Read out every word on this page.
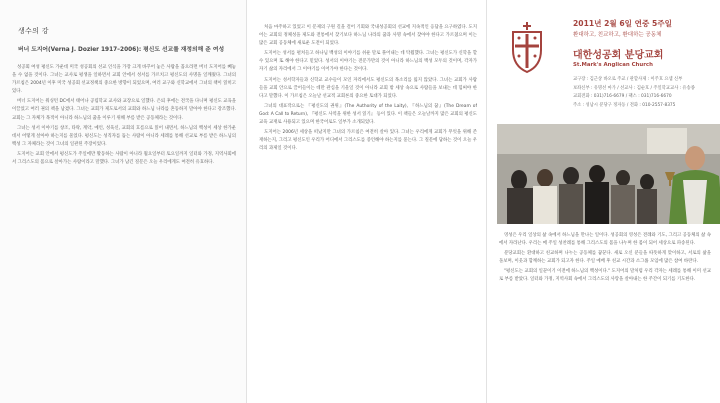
생수의 강
버너 도지어(Verna J. Dozier 1917–2006): 평신도 선교를 재정의해 준 여성

성공회 여성 평신도 가운데 미국 성공회의 선교 인식을 가장 크게 바꾸어 놓은 사람을 꼽으라면 버너 도지어를 빼놓을 수 없을 것이다. 그녀는 교사로 평생을 일하면서 교회 안에서 성서를 가르치고 평신도의 사명을 일깨웠다. 그녀의 가르침은 2004년 이후 미국 성공회 선교정책의 중요한 방향이 되었으며, 여러 교구와 신학교에서 그녀의 책이 읽히고 있다.

버너 도지어는 워싱턴 DC에서 태어나 공립학교 교사와 교장으로 일했다. 은퇴 후에는 전국을 다니며 평신도 교육을 이끌었고 여러 권의 책을 남겼다. 그녀는 교회가 제도로서의 교회와 하느님 나라를 혼동하지 말아야 한다고 강조했다. 교회는 그 자체가 목적이 아니라 하느님의 꿈을 이루기 위해 부름 받은 공동체라는 것이다.

그녀는 성서 이야기를 창조, 타락, 계약, 예언, 성육신, 교회의 흐름으로 읽어 내면서, 하느님의 백성이 세상 한가운데서 어떻게 살아야 하는지를 물었다. 평신도는 성직자를 돕는 사람이 아니라 세례를 통해 선교로 부름 받은 하느님의 백성 그 자체라는 것이 그녀의 일관된 주장이었다.

도지어는 교회 안에서 평신도가 주일에만 활동하는 사람이 아니라 월요일부터 토요일까지 일터와 가정, 지역사회에서 그리스도의 몸으로 살아가는 사람이라고 말했다. 그녀가 남긴 질문은 오늘 우리에게도 여전히 유효하다.

처음 마주하고 있었고 이 문제의 구원 길을 걸어 기회와 국내성공회의 선교에 지속적인 응답을 요구하였다. 도지어는 교회의 정체성을 제도와 전통에서 찾기보다 하느님 나라의 꿈과 사명 속에서 찾아야 한다고 가르쳤으며 이는 많은 교회 공동체에 새로운 도전이 되었다.

도지어는 성서를 펼쳐들고 하나님 백성의 이야기를 쉬운 말로 풀어내는 데 탁월했다. 그녀는 평신도가 신학을 할 수 있으며 또 해야 한다고 믿었다. 성서의 이야기는 전문가만의 것이 아니라 하느님의 백성 모두의 것이며, 각자가 자기 삶의 자리에서 그 이야기를 이어가야 한다는 것이다.

도지어는 성서학자들과 신학교 교수들이 모인 자리에서도 평신도의 목소리를 잃지 않았다. 그녀는 교회가 사람들을 교회 안으로 끌어들이는 데만 관심을 기울일 것이 아니라 교회 밖 세상 속으로 사람들을 보내는 데 힘써야 한다고 말했다. 이 가르침은 오늘날 선교적 교회론의 중요한 토대가 되었다.

그녀의 대표작으로는 『평신도의 권위』(The Authority of the Laity), 『하느님의 꿈』(The Dream of God: A Call to Return), 『평신도 사역을 위한 성서 읽기』 등이 있다. 이 책들은 오늘날까지 많은 교회의 평신도 교육 교재로 사용되고 있으며 한국어로도 일부가 소개되었다.

도지어는 2006년 세상을 떠났지만 그녀의 가르침은 여전히 살아 있다. 그녀는 우리에게 교회가 무엇을 위해 존재하는지, 그리고 평신도인 우리가 어디에서 그리스도를 증언해야 하는지를 묻는다. 그 질문에 답하는 것이 오늘 우리의 과제일 것이다.

2011년 2월 6일 연중 5주일
환대하고, 친교하고, 환대하는 공동체
대한성공회 분당교회
St.Mark's Anglican Church
교구장 : 김근상 바오로 주교 / 관할사제 : 이주호 요셉 신부
보좌신부 : 유명선 마가 / 선교사 : 김순호 / 주일학교교사 : 유송종
교회전화 : 031)716-6679 / 팩스 : 031)716-6670
주소 : 성남시 분당구 정자동 / 전화 : 010-2557-8375

영성은 우리 일상의 삶 속에서 하느님을 만나는 일이다. 성공회의 영성은 전례와 기도, 그리고 공동체의 삶 속에서 자라난다. 우리는 매 주일 성찬례를 통해 그리스도의 몸을 나누며 한 몸이 되어 세상으로 파송된다.

분당교회는 환대하고 친교하며 나누는 공동체를 꿈꾼다. 새로 오신 분들을 따뜻하게 맞이하고, 서로의 삶을 돌보며, 이웃과 함께하는 교회가 되고자 한다. 주일 예배 후 친교 시간과 소그룹 모임에 많은 참여 바란다.

"평신도는 교회의 일꾼이기 이전에 하느님의 백성이다." 도지어의 말처럼 우리 각자는 세례를 통해 이미 선교로 부름 받았다. 일터와 가정, 지역사회 속에서 그리스도의 사랑을 살아내는 한 주간이 되기를 기도한다.
